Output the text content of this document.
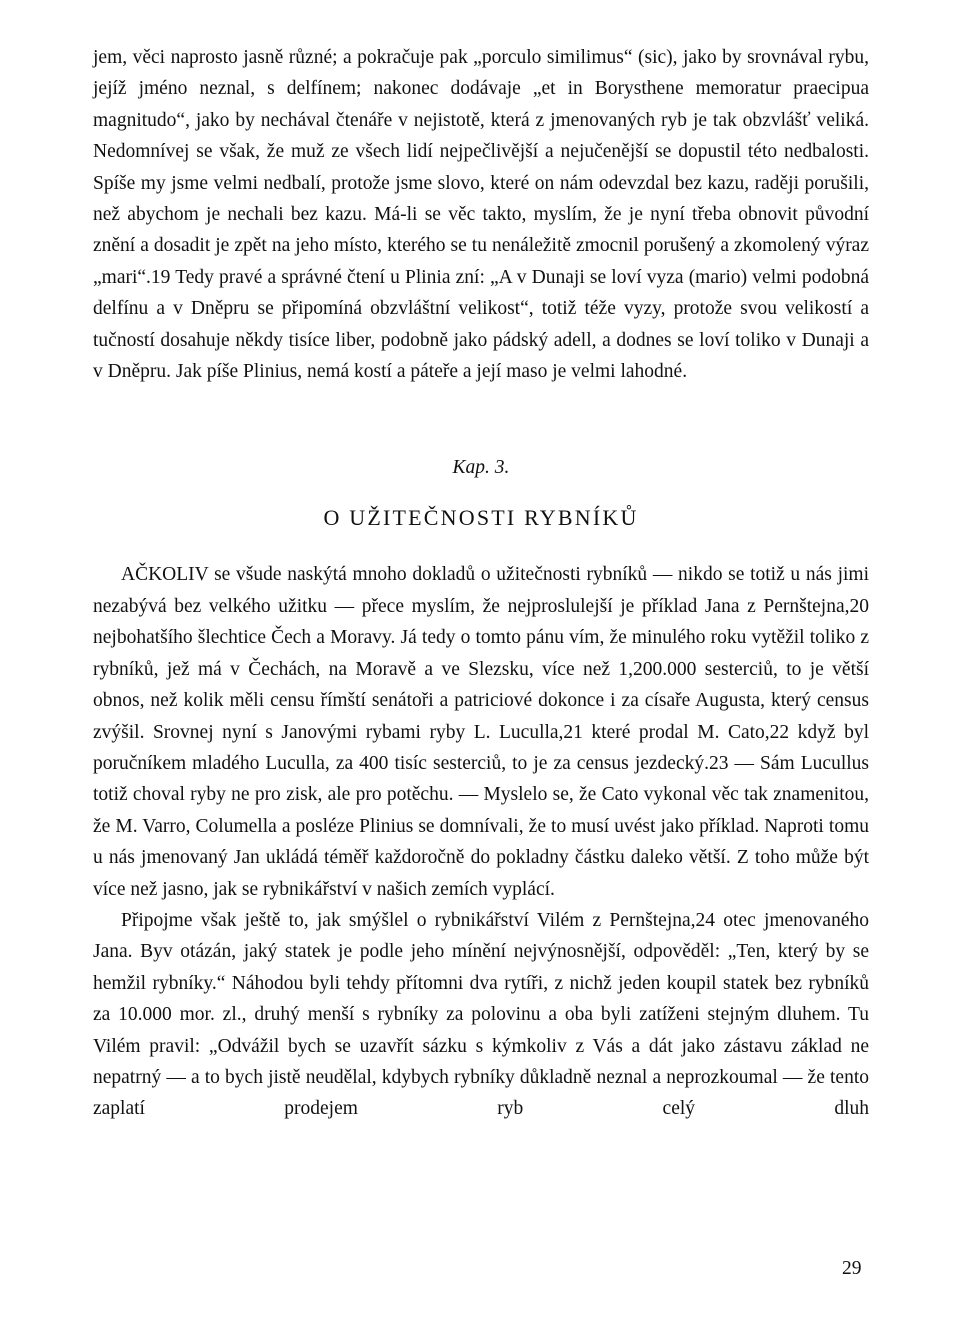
jem, věci naprosto jasně různé; a pokračuje pak „porculo similimus“ (sic), jako by srovnával rybu, jejíž jméno neznal, s delfínem; nakonec dodávaje „et in Borysthene memoratur praecipua magnitudo“, jako by nechával čtenáře v nejistotě, která z jmenovaných ryb je tak obzvlášť veliká. Nedomnívej se však, že muž ze všech lidí nejpečlivější a nejučenější se dopustil této nedbalosti. Spíše my jsme velmi nedbalí, protože jsme slovo, které on nám odevzdal bez kazu, raději porušili, než abychom je nechali bez kazu. Má-li se věc takto, myslím, že je nyní třeba obnovit původní znění a dosadit je zpět na jeho místo, kterého se tu nenáležitě zmocnil porušený a zkomolený výraz „mari“.19 Tedy pravé a správné čtení u Plinia zní: „A v Dunaji se loví vyza (mario) velmi podobná delfínu a v Dněpru se připomíná obzvláštní velikost“, totiž téže vyzy, protože svou velikostí a tučností dosahuje někdy tisíce liber, podobně jako pádský adell, a dodnes se loví toliko v Dunaji a v Dněpru. Jak píše Plinius, nemá kostí a páteře a její maso je velmi lahodné.

Kap. 3.
O UŽITEČNOSTI RYBNÍKŮ

AČKOLIV se všude naskýtá mnoho dokladů o užitečnosti rybníků — nikdo se totiž u nás jimi nezabývá bez velkého užitku — přece myslím, že nejproslulejší je příklad Jana z Pernštejna,20 nejbohatšího šlechtice Čech a Moravy. Já tedy o tomto pánu vím, že minulého roku vytěžil toliko z rybníků, jež má v Čechách, na Moravě a ve Slezsku, více než 1,200.000 sesterciů, to je větší obnos, než kolik měli censu římští senátoři a patriciové dokonce i za císaře Augusta, který census zvýšil. Srovnej nyní s Janovými rybami ryby L. Lucullа,21 které prodal M. Cato,22 když byl poručníkem mladého Lucullа, za 400 tisíc sesterciů, to je za census jezdecký.23 — Sám Lucullus totiž choval ryby ne pro zisk, ale pro potěchu. — Myslelo se, že Cato vykonal věc tak znamenitou, že M. Varro, Columella a posléze Plinius se domnívali, že to musí uvést jako příklad. Naproti tomu u nás jmenovaný Jan ukládá téměř každoročně do pokladny částku daleko větší. Z toho může být více než jasno, jak se rybnikářství v našich zemích vyplácí.

Připojme však ještě to, jak smýšlel o rybnikářství Vilém z Pernštejna,24 otec jmenovaného Jana. Byv otázán, jaký statek je podle jeho mínění nejvýnosnější, odpověděl: „Ten, který by se hemžil rybníky.“ Náhodou byli tehdy přítomni dva rytíři, z nichž jeden koupil statek bez rybníků za 10.000 mor. zl., druhý menší s rybníky za polovinu a oba byli zatíženi stejným dluhem. Tu Vilém pravil: „Odvážil bych se uzavřít sázku s kýmkoliv z Vás a dát jako zástavu základ ne nepatrný — a to bych jistě neudělal, kdybych rybníky důkladně neznal a neprozkoumal — že tento zaplatí prodejem ryb celý dluh

29
